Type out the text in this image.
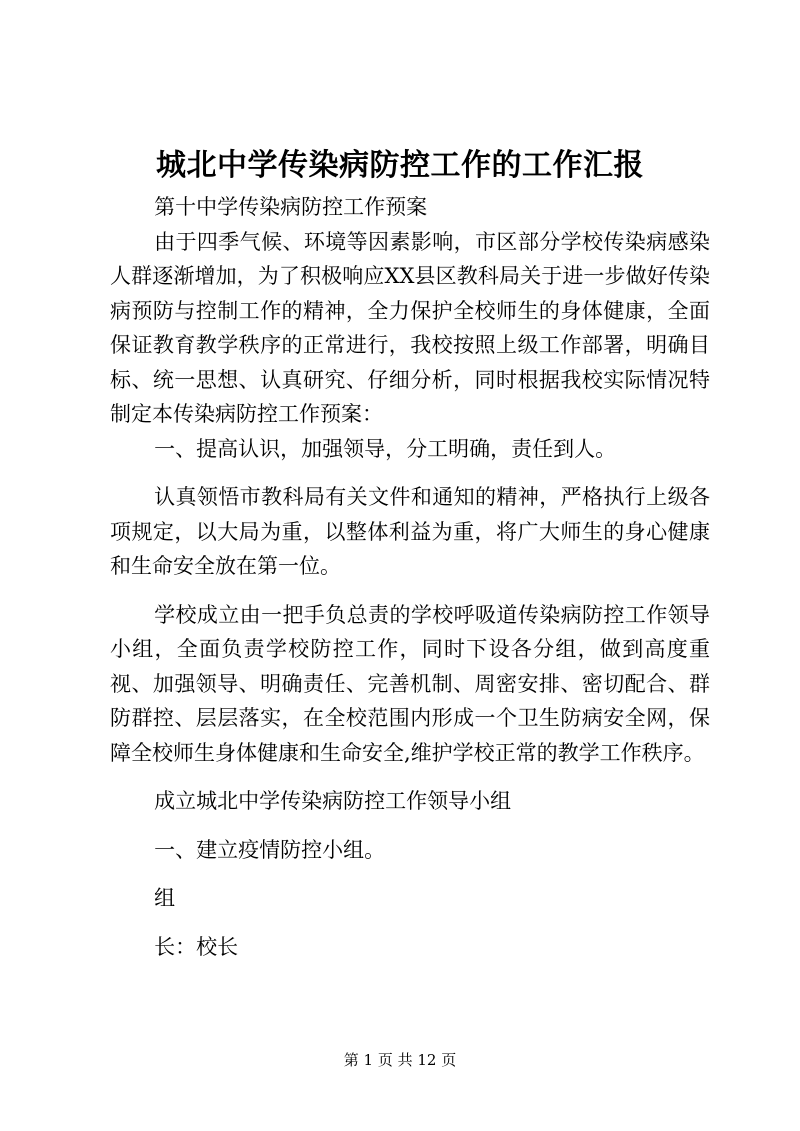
城北中学传染病防控工作的工作汇报

第十中学传染病防控工作预案

由于四季气候、环境等因素影响，市区部分学校传染病感染人群逐渐增加，为了积极响应XX县区教科局关于进一步做好传染病预防与控制工作的精神，全力保护全校师生的身体健康，全面保证教育教学秩序的正常进行，我校按照上级工作部署，明确目标、统一思想、认真研究、仔细分析，同时根据我校实际情况特制定本传染病防控工作预案：

一、提高认识，加强领导，分工明确，责任到人。

认真领悟市教科局有关文件和通知的精神，严格执行上级各项规定，以大局为重，以整体利益为重，将广大师生的身心健康和生命安全放在第一位。

学校成立由一把手负总责的学校呼吸道传染病防控工作领导小组，全面负责学校防控工作，同时下设各分组，做到高度重视、加强领导、明确责任、完善机制、周密安排、密切配合、群防群控、层层落实，在全校范围内形成一个卫生防病安全网，保障全校师生身体健康和生命安全,维护学校正常的教学工作秩序。

成立城北中学传染病防控工作领导小组

一、建立疫情防控小组。

组

长：校长

第 1 页 共 12 页
